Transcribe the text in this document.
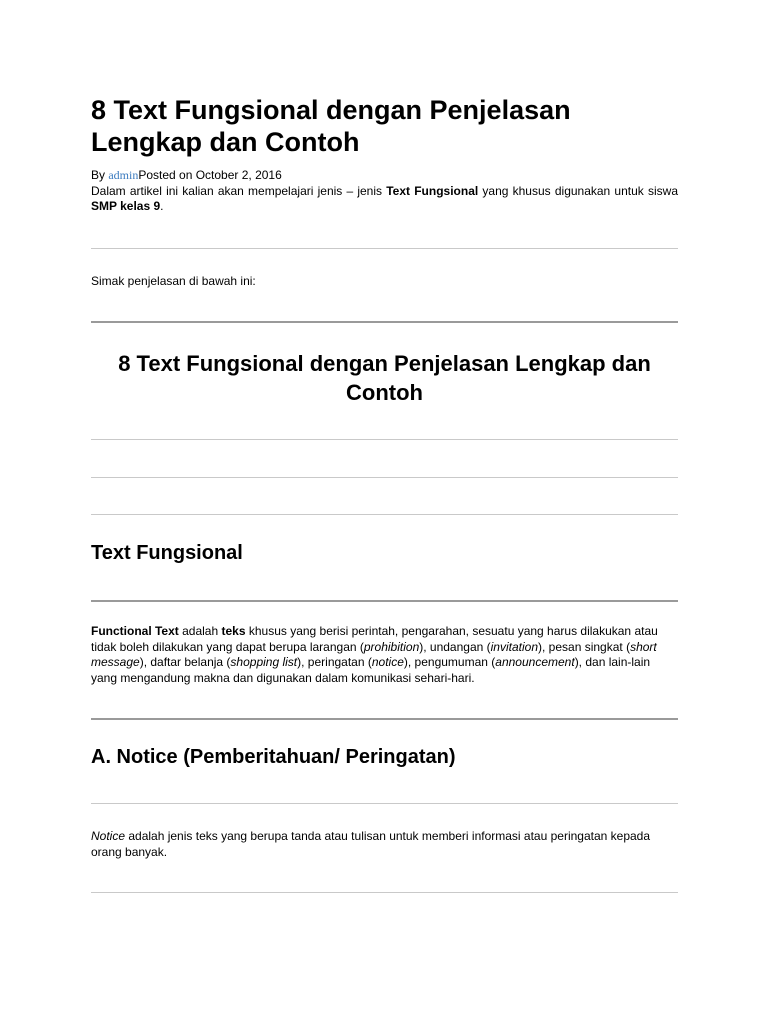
8 Text Fungsional dengan Penjelasan Lengkap dan Contoh
By adminPosted on October 2, 2016

Dalam artikel ini kalian akan mempelajari jenis – jenis Text Fungsional yang khusus digunakan untuk siswa SMP kelas 9.

Simak penjelasan di bawah ini:

8 Text Fungsional dengan Penjelasan Lengkap dan Contoh
Text Fungsional

Functional Text adalah teks khusus yang berisi perintah, pengarahan, sesuatu yang harus dilakukan atau tidak boleh dilakukan yang dapat berupa larangan (prohibition), undangan (invitation), pesan singkat (short message), daftar belanja (shopping list), peringatan (notice), pengumuman (announcement), dan lain-lain yang mengandung makna dan digunakan dalam komunikasi sehari-hari.

A. Notice (Pemberitahuan/ Peringatan)

Notice adalah jenis teks yang berupa tanda atau tulisan untuk memberi informasi atau peringatan kepada orang banyak.
